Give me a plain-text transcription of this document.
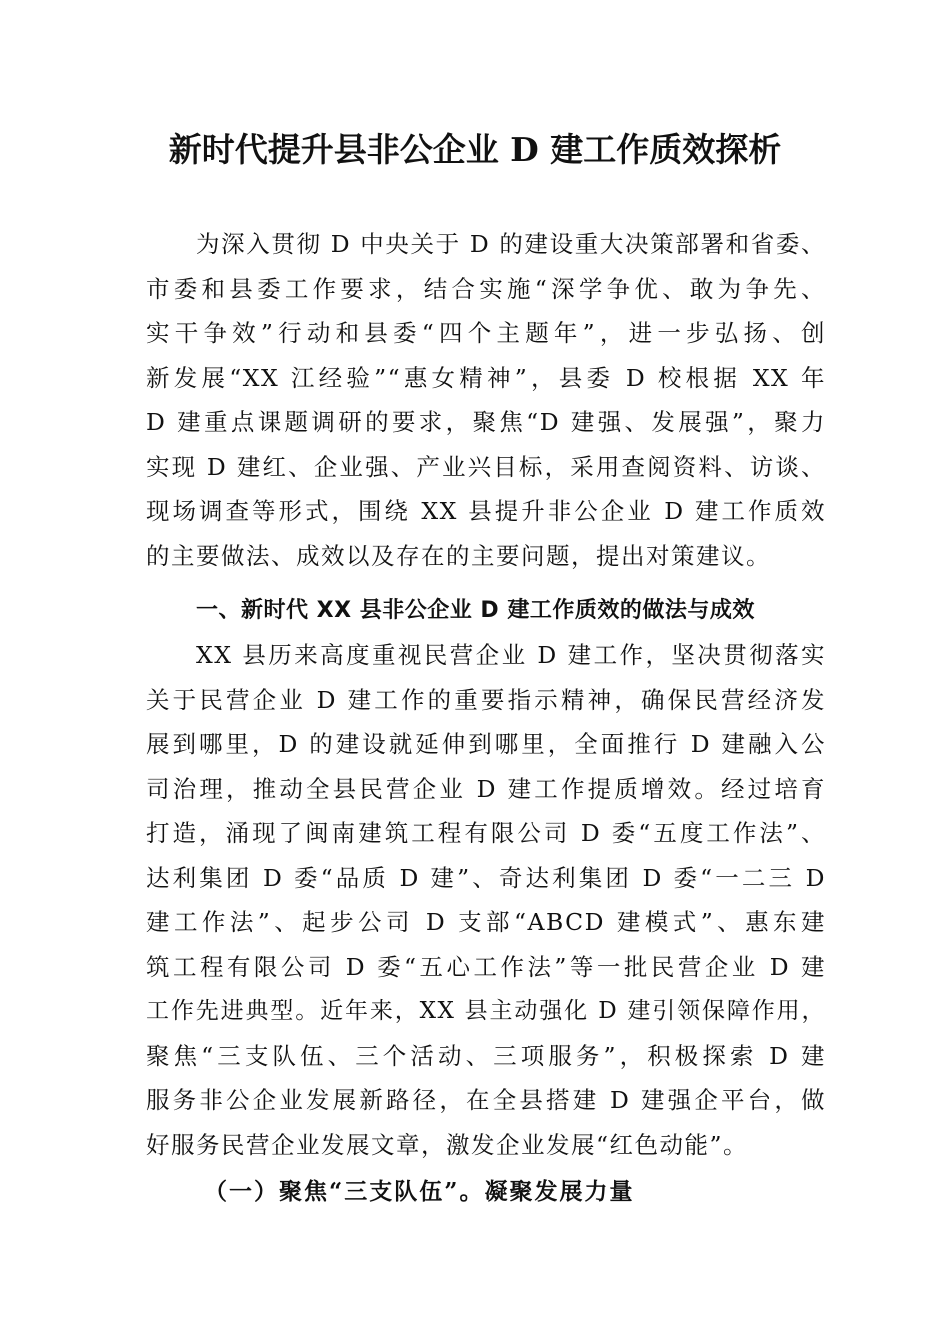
新时代提升县非公企业 D 建工作质效探析
为深入贯彻 D 中央关于 D 的建设重大决策部署和省委、
市委和县委工作要求，结合实施“深学争优、敢为争先、
实干争效”行动和县委“四个主题年”，进一步弘扬、创
新发展“XX 江经验”“惠女精神”，县委 D 校根据 XX 年
D 建重点课题调研的要求，聚焦“D 建强、发展强”，聚力
实现 D 建红、企业强、产业兴目标，采用查阅资料、访谈、
现场调查等形式，围绕 XX 县提升非公企业 D 建工作质效
的主要做法、成效以及存在的主要问题，提出对策建议。
一、新时代 XX 县非公企业 D 建工作质效的做法与成效
XX 县历来高度重视民营企业 D 建工作，坚决贯彻落实
关于民营企业 D 建工作的重要指示精神，确保民营经济发
展到哪里，D 的建设就延伸到哪里，全面推行 D 建融入公
司治理，推动全县民营企业 D 建工作提质增效。经过培育
打造，涌现了闽南建筑工程有限公司 D 委“五度工作法”、
达利集团 D 委“品质 D 建”、奇达利集团 D 委“一二三 D
建工作法”、起步公司 D 支部“ABCD 建模式”、惠东建
筑工程有限公司 D 委“五心工作法”等一批民营企业 D 建
工作先进典型。近年来，XX 县主动强化 D 建引领保障作用，
聚焦“三支队伍、三个活动、三项服务”，积极探索 D 建
服务非公企业发展新路径，在全县搭建 D 建强企平台，做
好服务民营企业发展文章，激发企业发展“红色动能”。
（一）聚焦“三支队伍”。凝聚发展力量
